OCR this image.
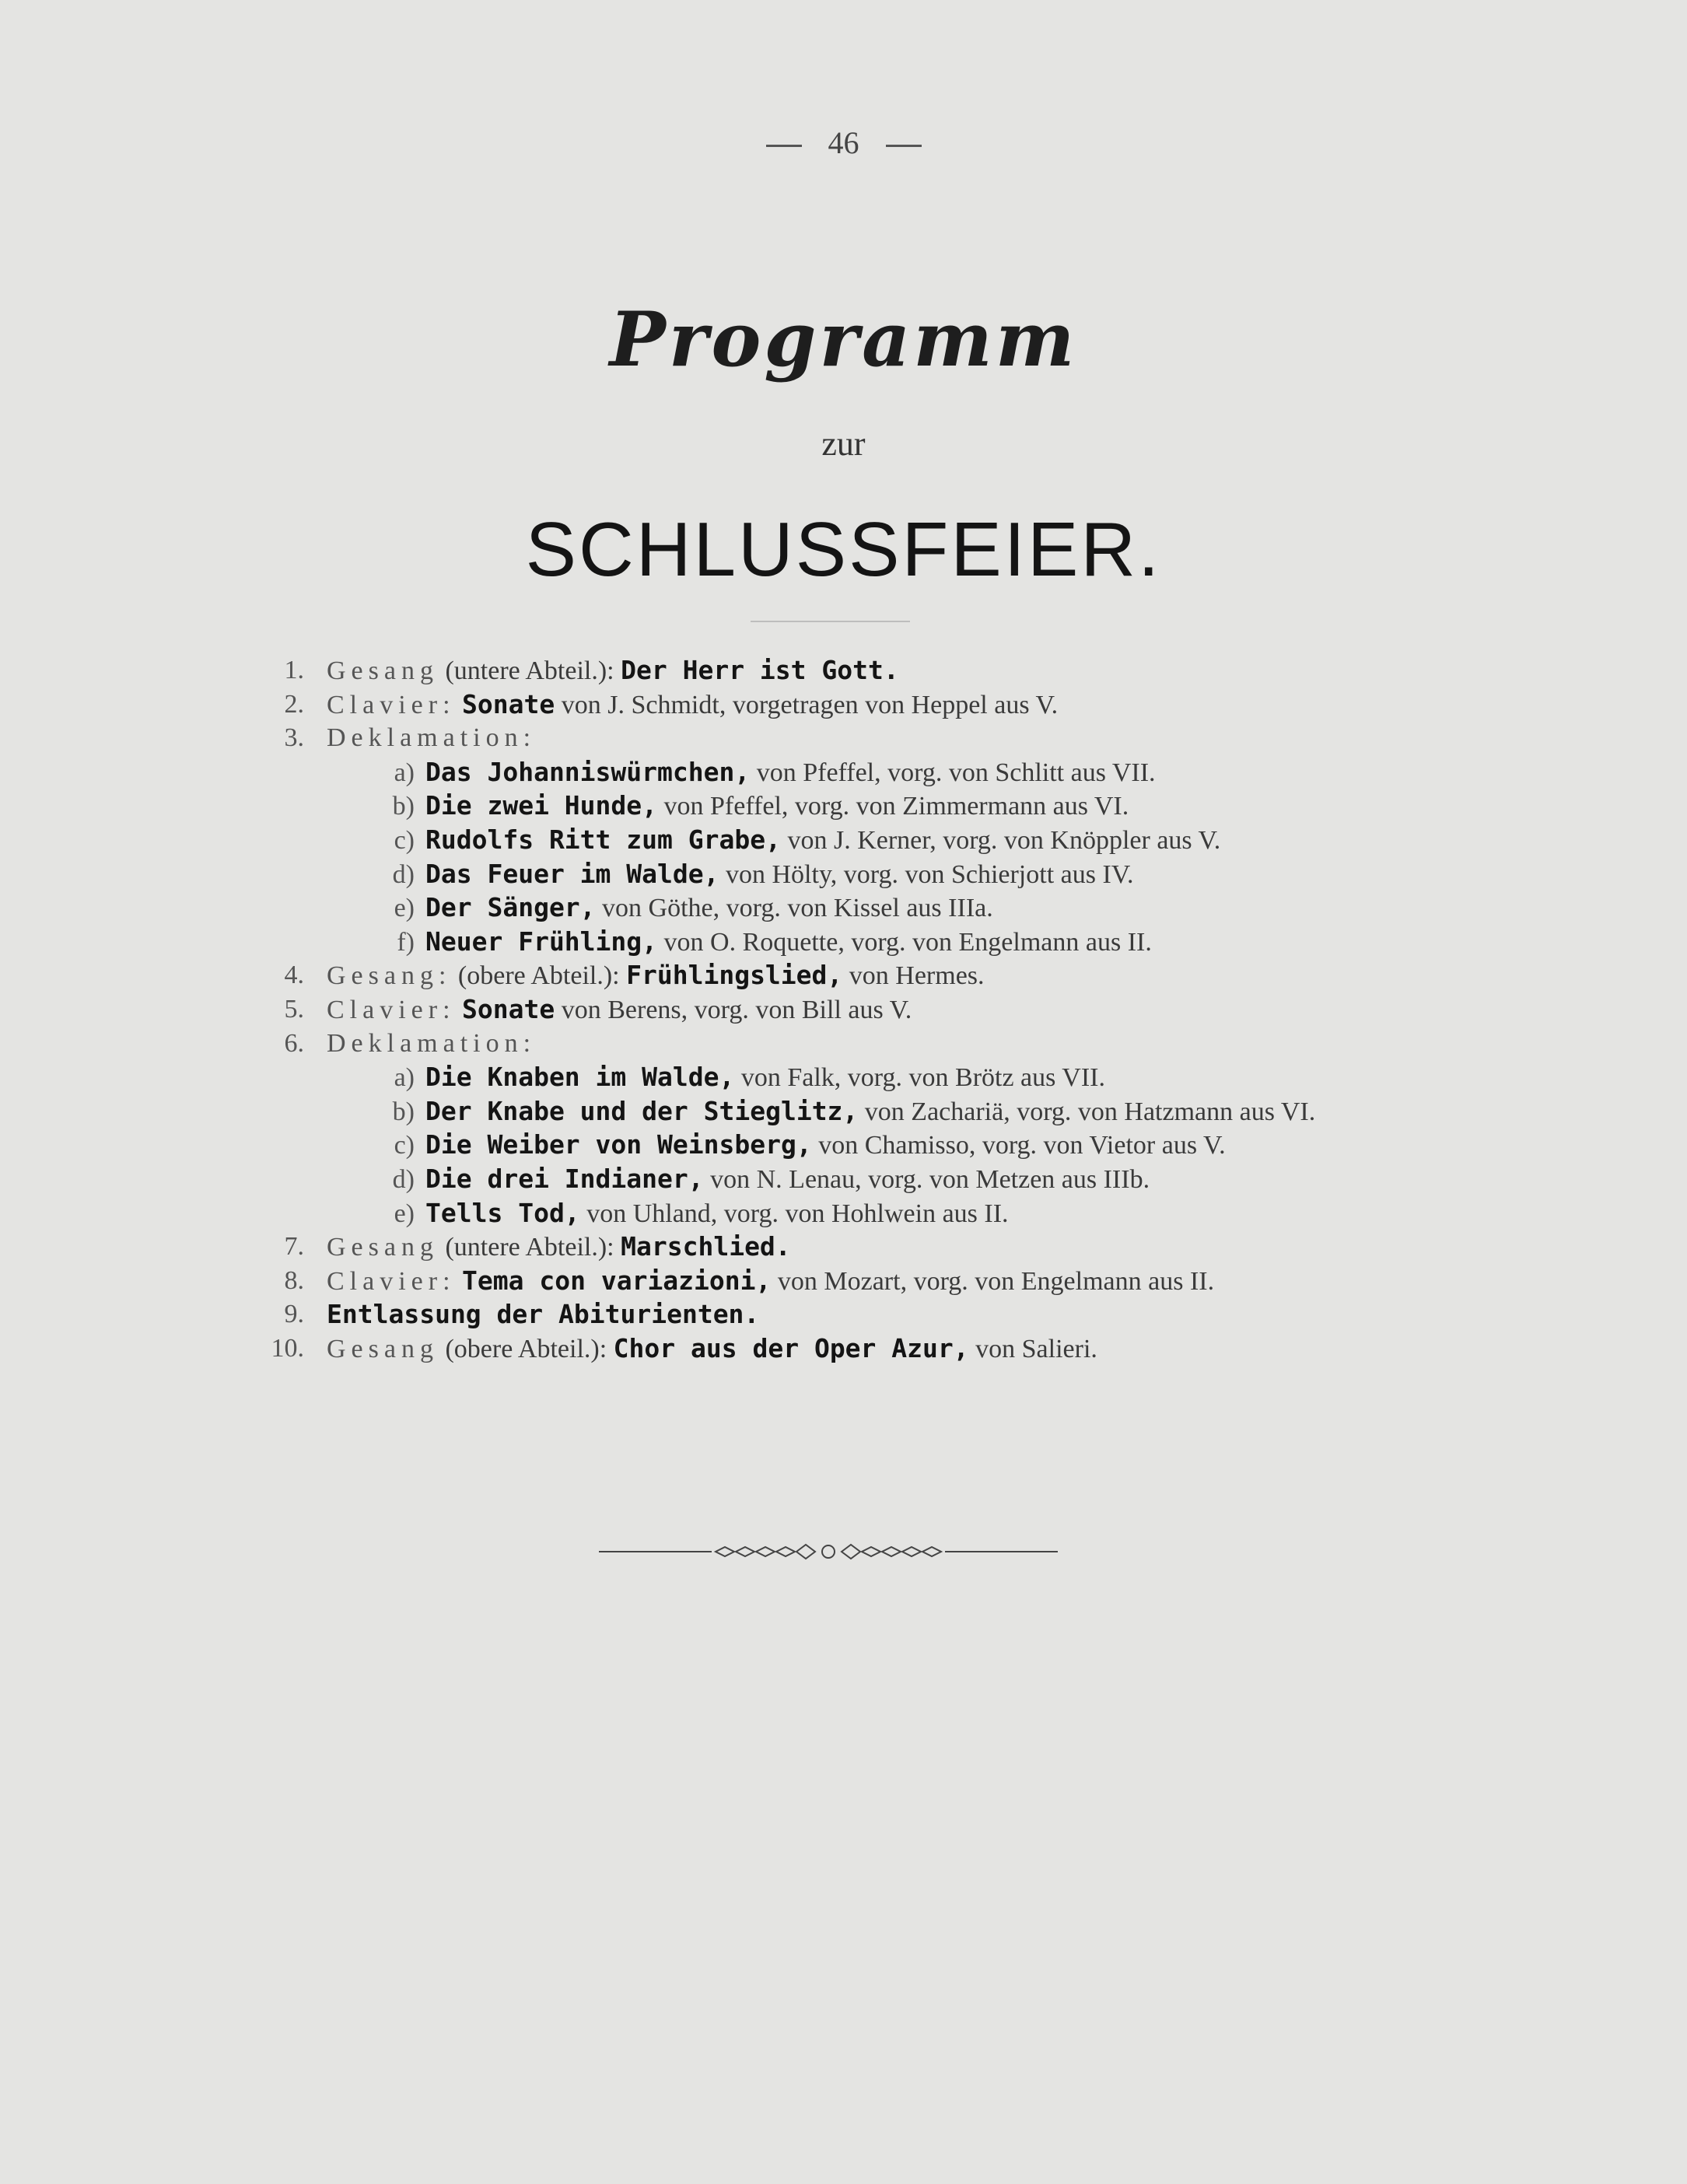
46
Programm
zur
SCHLUSSFEIER.
1. Gesang (untere Abteil.): Der Herr ist Gott.
2. Clavier: Sonate von J. Schmidt, vorgetragen von Heppel aus V.
3. Deklamation:
a) Das Johanniswürmchen, von Pfeffel, vorg. von Schlitt aus VII.
b) Die zwei Hunde, von Pfeffel, vorg. von Zimmermann aus VI.
c) Rudolfs Ritt zum Grabe, von J. Kerner, vorg. von Knöppler aus V.
d) Das Feuer im Walde, von Hölty, vorg. von Schierjott aus IV.
e) Der Sänger, von Göthe, vorg. von Kissel aus IIIa.
f) Neuer Frühling, von O. Roquette, vorg. von Engelmann aus II.
4. Gesang: (obere Abteil.): Frühlingslied, von Hermes.
5. Clavier: Sonate von Berens, vorg. von Bill aus V.
6. Deklamation:
a) Die Knaben im Walde, von Falk, vorg. von Brötz aus VII.
b) Der Knabe und der Stieglitz, von Zachariä, vorg. von Hatzmann aus VI.
c) Die Weiber von Weinsberg, von Chamisso, vorg. von Vietor aus V.
d) Die drei Indianer, von N. Lenau, vorg. von Metzen aus IIIb.
e) Tells Tod, von Uhland, vorg. von Hohlwein aus II.
7. Gesang (untere Abteil.): Marschlied.
8. Clavier: Tema con variazioni, von Mozart, vorg. von Engelmann aus II.
9. Entlassung der Abiturienten.
10. Gesang (obere Abteil.): Chor aus der Oper Azur, von Salieri.
